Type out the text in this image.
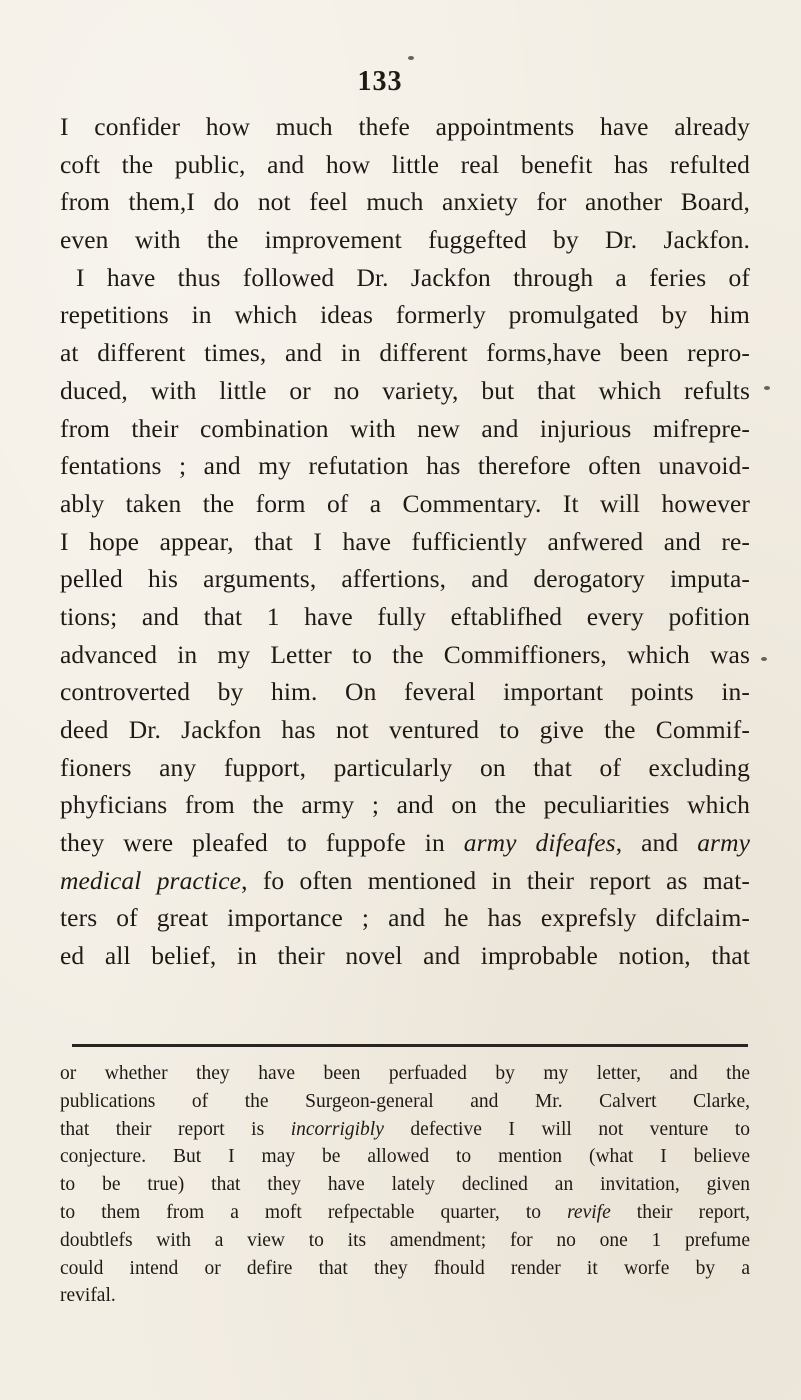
133
I confider how much thefe appointments have already
coft the public, and how little real benefit has refulted
from them,I do not feel much anxiety for another Board,
even with the improvement fuggefted by Dr. Jackfon.
I have thus followed Dr. Jackfon through a feries of
repetitions in which ideas formerly promulgated by him
at different times, and in different forms,have been repro-
duced, with little or no variety, but that which refults
from their combination with new and injurious mifrepre-
fentations ; and my refutation has therefore often unavoid-
ably taken the form of a Commentary. It will however
I hope appear, that I have fufficiently anfwered and re-
pelled his arguments, affertions, and derogatory imputa-
tions; and that 1 have fully eftablifhed every pofition
advanced in my Letter to the Commiffioners, which was
controverted by him. On feveral important points in-
deed Dr. Jackfon has not ventured to give the Commif-
fioners any fupport, particularly on that of excluding
phyficians from the army ; and on the peculiarities which
they were pleafed to fuppofe in army difeafes, and army
medical practice, fo often mentioned in their report as mat-
ters of great importance ; and he has exprefsly difclaim-
ed all belief, in their novel and improbable notion, that
or whether they have been perfuaded by my letter, and the
publications of the Surgeon-general and Mr. Calvert Clarke,
that their report is incorrigibly defective I will not venture to
conjecture. But I may be allowed to mention (what I believe
to be true) that they have lately declined an invitation, given
to them from a moft refpectable quarter, to revife their report,
doubtlefs with a view to its amendment; for no one 1 prefume
could intend or defire that they fhould render it worfe by a
revifal.
